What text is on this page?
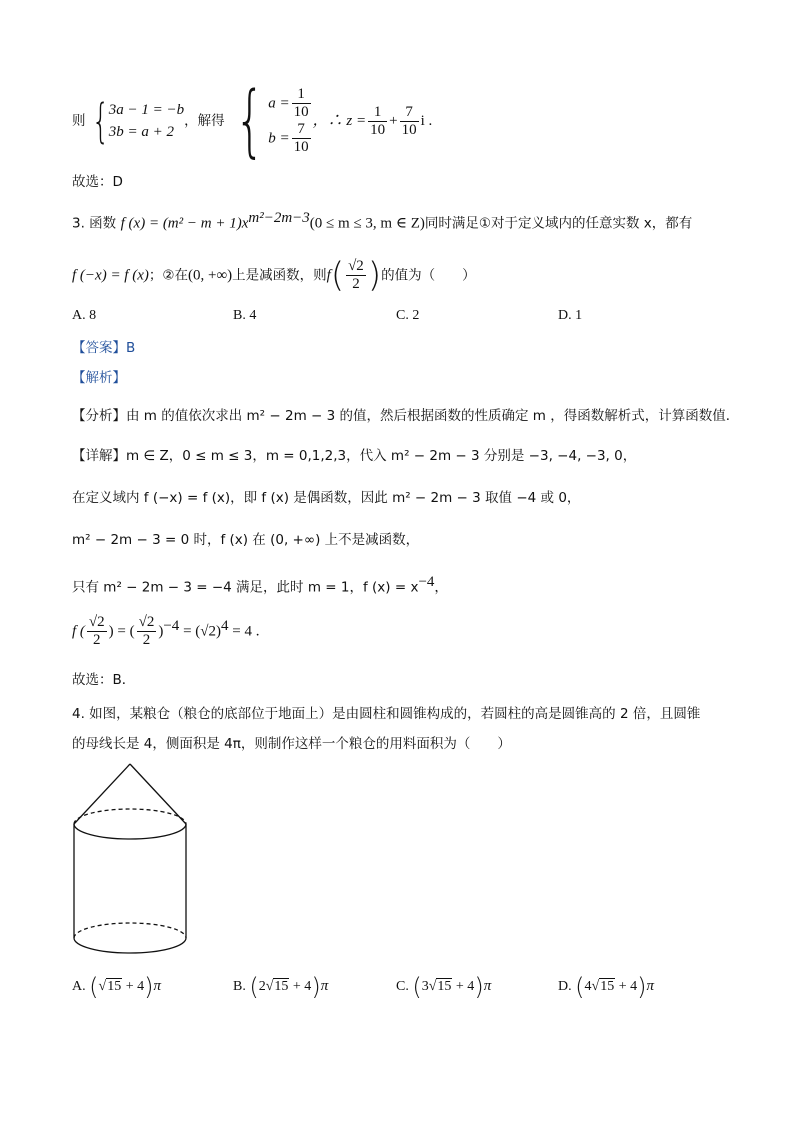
则 { 3a − 1 = −b
3b = a + 2
，解得 { $a = \frac{1}{10}$
$b = \frac{7}{10}$ ，∴ $z = \frac{1}{10} + \frac{7}{10}$ i .
故选：D
3. 函数 f $(x) = (m^2 - m + 1)x^{m^2-2m-3}(0 \le m \le 3$, m ∈ Z)同时满足①对于定义域内的任意实数 x，都有
f (−x) = f (x)；②在(0, +∞)上是减函数，则$f( \frac{√2}{2}$ )的值为（　　）
A. 8	B. 4	C. 2	D. 1
【答案】B
【解析】
【分析】由 m 的值依次求出 m² − 2m − 3 的值，然后根据函数的性质确定 m ，得函数解析式，计算函数值．
【详解】m ∈ Z，0 ≤ m ≤ 3，m = 0,1,2,3，代入 m² − 2m − 3 分别是 −3, −4, −3, 0，
在定义域内 f (−x) = f (x)，即 f (x) 是偶函数，因此 m² − 2m − 3 取值 −4 或 0，
m² − 2m − 3 = 0 时，f (x) 在 (0, +∞) 上不是减函数，
只有 m² − 2m − 3 = −4 满足，此时 m = 1，f $(x) = x^{-4}$，
f ( $\frac{√2}{2}$ ) = ( $\frac{√2}{2} )^{-4} = (√2)^4 = 4$ .
故选：B．
4. 如图，某粮仓（粮仓的底部位于地面上）是由圆柱和圆锥构成的，若圆柱的高是圆锥高的 2 倍，且圆锥
的母线长是 4，侧面积是 4π，则制作这样一个粮仓的用料面积为（　　）
A. (√15 + 4)π	B. (2√15 + 4)π	C. (3√15 + 4)π	D. (4√15 + 4)π
